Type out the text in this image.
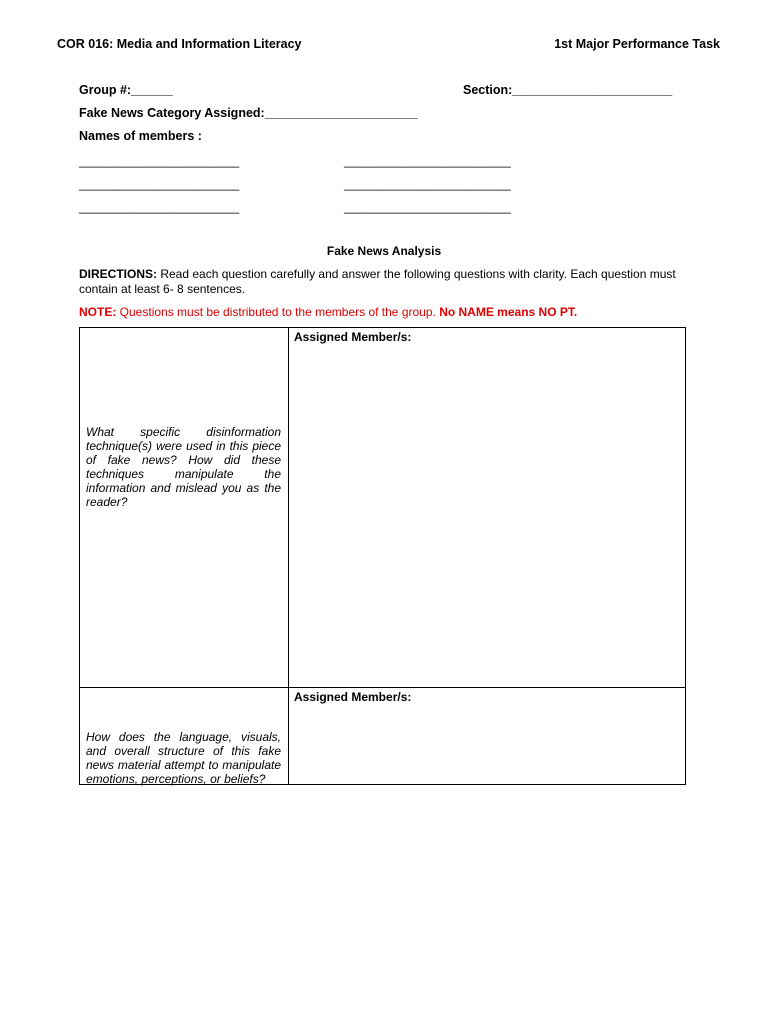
COR 016: Media and Information Literacy	1st Major Performance Task
Group #:______	Section:_______________________
Fake News Category Assigned:______________________
Names of members :
________________________	_________________________
________________________	_________________________
________________________	_________________________
Fake News Analysis
DIRECTIONS: Read each question carefully and answer the following questions with clarity. Each question must
contain at least 6- 8 sentences.
NOTE: Questions must be distributed to the members of the group. No NAME means NO PT.
What specific disinformation technique(s) were used in this piece of fake news? How did these techniques manipulate the information and mislead you as the reader?	Assigned Member/s:

How does the language, visuals, and overall structure of this fake news material attempt to manipulate emotions, perceptions, or beliefs?	Assigned Member/s:
